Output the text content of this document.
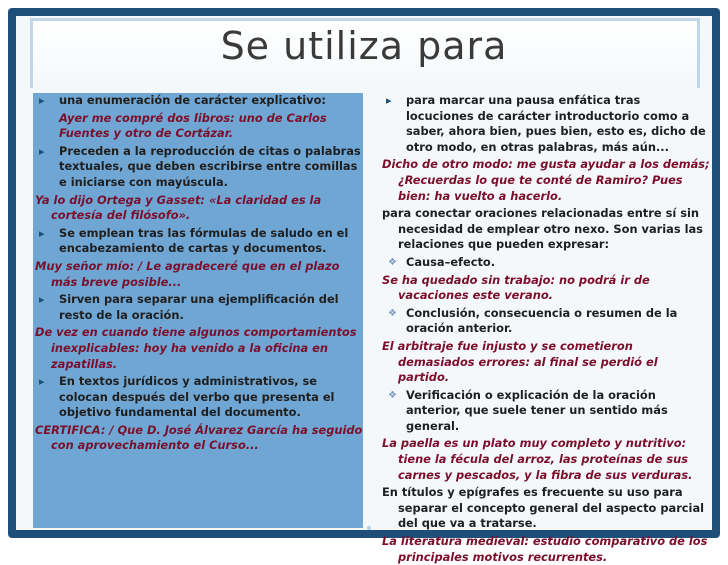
Se utiliza para

▸ una enumeración de carácter explicativo:

Ayer me compré dos libros: uno de Carlos Fuentes y otro de Cortázar.

▸ Preceden a la reproducción de citas o palabras textuales, que deben escribirse entre comillas e iniciarse con mayúscula.

Ya lo dijo Ortega y Gasset: «La claridad es la cortesía del filósofo».

▸ Se emplean tras las fórmulas de saludo en el encabezamiento de cartas y documentos.

Muy señor mío: / Le agradeceré que en el plazo más breve posible...

▸ Sirven para separar una ejemplificación del resto de la oración.

De vez en cuando tiene algunos comportamientos inexplicables: hoy ha venido a la oficina en zapatillas.

▸ En textos jurídicos y administrativos, se colocan después del verbo que presenta el objetivo fundamental del documento.

CERTIFICA: / Que D. José Álvarez García ha seguido con aprovechamiento el Curso...

▸ para marcar una pausa enfática tras locuciones de carácter introductorio como a saber, ahora bien, pues bien, esto es, dicho de otro modo, en otras palabras, más aún...

Dicho de otro modo: me gusta ayudar a los demás; ¿Recuerdas lo que te conté de Ramiro? Pues bien: ha vuelto a hacerlo.

para conectar oraciones relacionadas entre sí sin necesidad de emplear otro nexo. Son varias las relaciones que pueden expresar:

❖ Causa–efecto.

Se ha quedado sin trabajo: no podrá ir de vacaciones este verano.

❖ Conclusión, consecuencia o resumen de la oración anterior.

El arbitraje fue injusto y se cometieron demasiados errores: al final se perdió el partido.

❖ Verificación o explicación de la oración anterior, que suele tener un sentido más general.

La paella es un plato muy completo y nutritivo: tiene la fécula del arroz, las proteínas de sus carnes y pescados, y la fibra de sus verduras.

En títulos y epígrafes es frecuente su uso para separar el concepto general del aspecto parcial del que va a tratarse.

La literatura medieval: estudio comparativo de los principales motivos recurrentes.
